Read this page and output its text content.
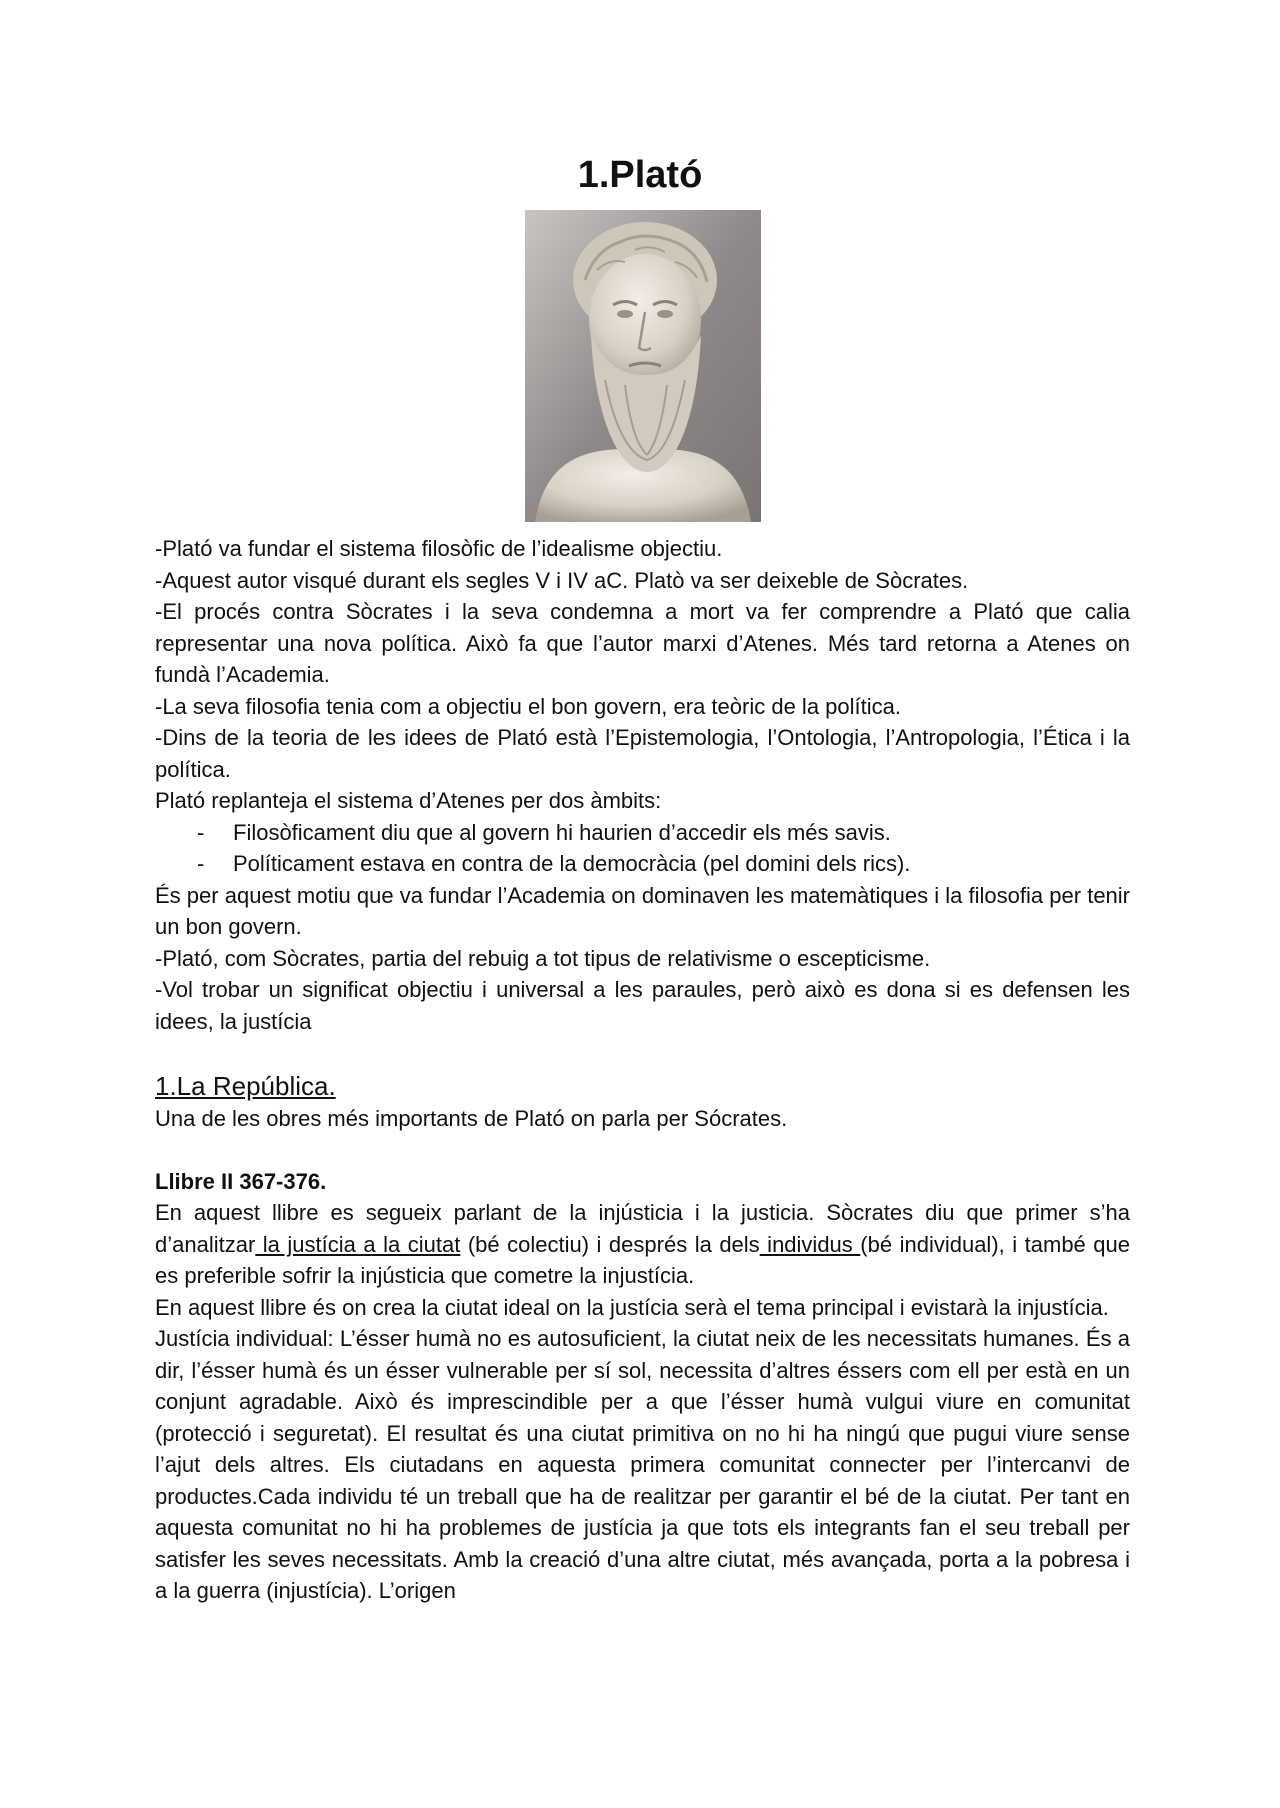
1.Plató

-Plató va fundar el sistema filosòfic de l’idealisme objectiu.

-Aquest autor visqué durant els segles V i IV aC. Platò va ser deixeble de Sòcrates.

-El procés contra Sòcrates i la seva condemna a mort va fer comprendre a Plató que calia representar una nova política. Això fa que l’autor marxi d’Atenes. Més tard retorna a Atenes on fundà l’Academia.

-La seva filosofia tenia com a objectiu el bon govern, era teòric de la política.

-Dins de la teoria de les idees de Plató està l’Epistemologia, l’Ontologia, l’Antropologia, l’Ética i la política.

Plató replanteja el sistema d’Atenes per dos àmbits:

- Filosòficament diu que al govern hi haurien d’accedir els més savis.
- Políticament estava en contra de la democràcia (pel domini dels rics).

És per aquest motiu que va fundar l’Academia on dominaven les matemàtiques i la filosofia per tenir un bon govern.

-Plató, com Sòcrates, partia del rebuig a tot tipus de relativisme o escepticisme.

-Vol trobar un significat objectiu i universal a les paraules, però això es dona si es defensen les idees, la justícia

1.La República.

Una de les obres més importants de Plató on parla per Sócrates.

Llibre II 367-376.

En aquest llibre es segueix parlant de la injústicia i la justicia. Sòcrates diu que primer s’ha d’analitzar la justícia a la ciutat (bé colectiu) i després la dels individus (bé individual), i també que es preferible sofrir la injústicia que cometre la injustícia.

En aquest llibre és on crea la ciutat ideal on la justícia serà el tema principal i evistarà la injustícia.

Justícia individual: L’ésser humà no es autosuficient, la ciutat neix de les necessitats humanes. És a dir, l’ésser humà és un ésser vulnerable per sí sol, necessita d’altres éssers com ell per està en un conjunt agradable. Això és imprescindible per a que l’ésser humà vulgui viure en comunitat (protecció i seguretat). El resultat és una ciutat primitiva on no hi ha ningú que pugui viure sense l’ajut dels altres. Els ciutadans en aquesta primera comunitat connecter per l’intercanvi de productes.Cada individu té un treball que ha de realitzar per garantir el bé de la ciutat. Per tant en aquesta comunitat no hi ha problemes de justícia ja que tots els integrants fan el seu treball per satisfer les seves necessitats. Amb la creació d’una altre ciutat, més avançada, porta a la pobresa i a la guerra (injustícia). L’origen
